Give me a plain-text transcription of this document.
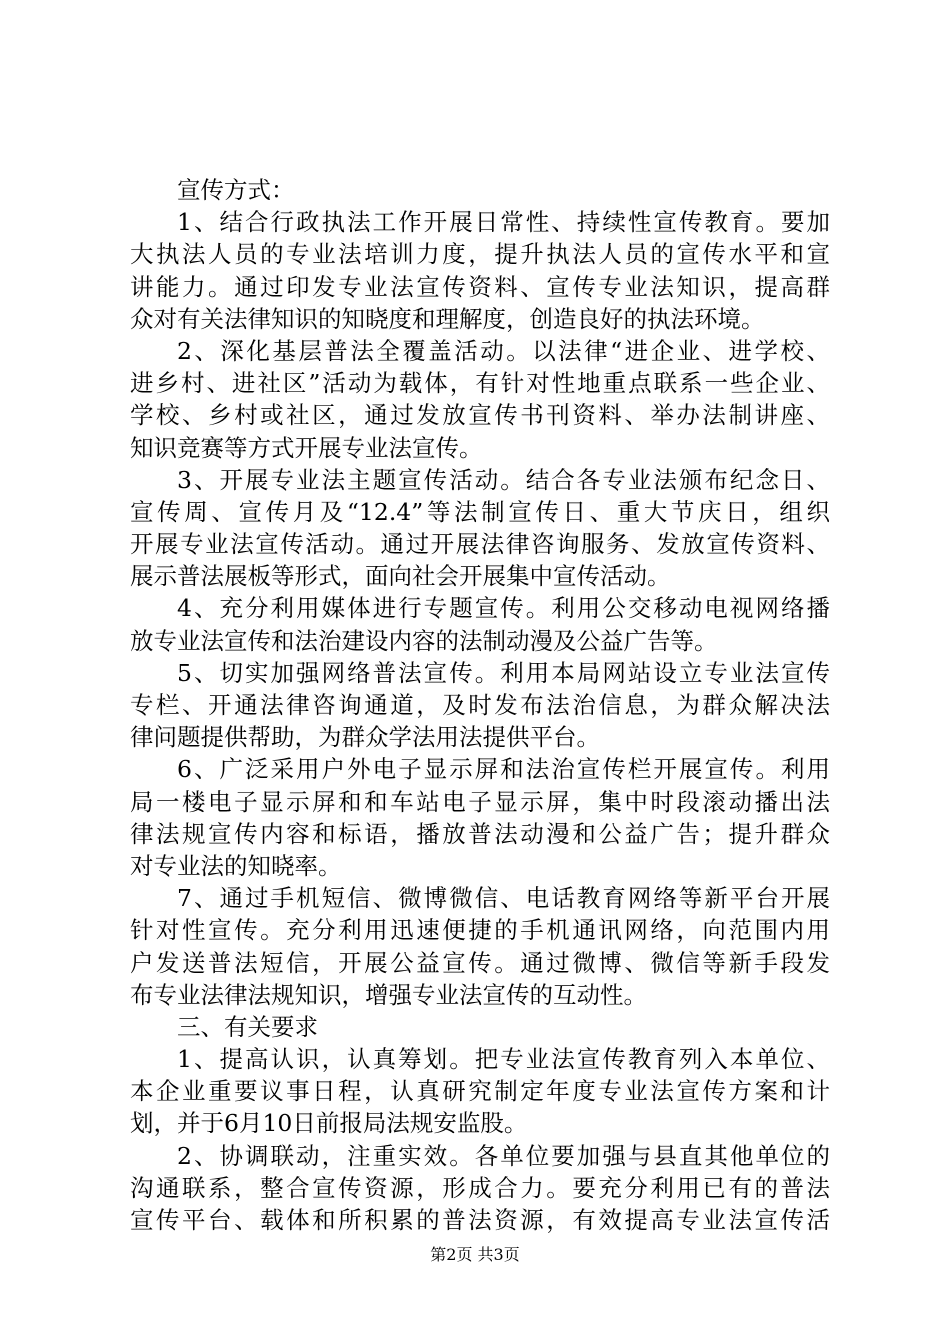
宣传方式：
1、结合行政执法工作开展日常性、持续性宣传教育。要加
大执法人员的专业法培训力度，提升执法人员的宣传水平和宣
讲能力。通过印发专业法宣传资料、宣传专业法知识，提高群
众对有关法律知识的知晓度和理解度，创造良好的执法环境。
2、深化基层普法全覆盖活动。以法律“进企业、进学校、
进乡村、进社区”活动为载体，有针对性地重点联系一些企业、
学校、乡村或社区，通过发放宣传书刊资料、举办法制讲座、
知识竞赛等方式开展专业法宣传。
3、开展专业法主题宣传活动。结合各专业法颁布纪念日、
宣传周、宣传月及“12.4”等法制宣传日、重大节庆日，组织
开展专业法宣传活动。通过开展法律咨询服务、发放宣传资料、
展示普法展板等形式，面向社会开展集中宣传活动。
4、充分利用媒体进行专题宣传。利用公交移动电视网络播
放专业法宣传和法治建设内容的法制动漫及公益广告等。
5、切实加强网络普法宣传。利用本局网站设立专业法宣传
专栏、开通法律咨询通道，及时发布法治信息，为群众解决法
律问题提供帮助，为群众学法用法提供平台。
6、广泛采用户外电子显示屏和法治宣传栏开展宣传。利用
局一楼电子显示屏和和车站电子显示屏，集中时段滚动播出法
律法规宣传内容和标语，播放普法动漫和公益广告；提升群众
对专业法的知晓率。
7、通过手机短信、微博微信、电话教育网络等新平台开展
针对性宣传。充分利用迅速便捷的手机通讯网络，向范围内用
户发送普法短信，开展公益宣传。通过微博、微信等新手段发
布专业法律法规知识，增强专业法宣传的互动性。
三、有关要求
1、提高认识，认真筹划。把专业法宣传教育列入本单位、
本企业重要议事日程，认真研究制定年度专业法宣传方案和计
划，并于6月10日前报局法规安监股。
2、协调联动，注重实效。各单位要加强与县直其他单位的
沟通联系，整合宣传资源，形成合力。要充分利用已有的普法
宣传平台、载体和所积累的普法资源，有效提高专业法宣传活
第2页 共3页
